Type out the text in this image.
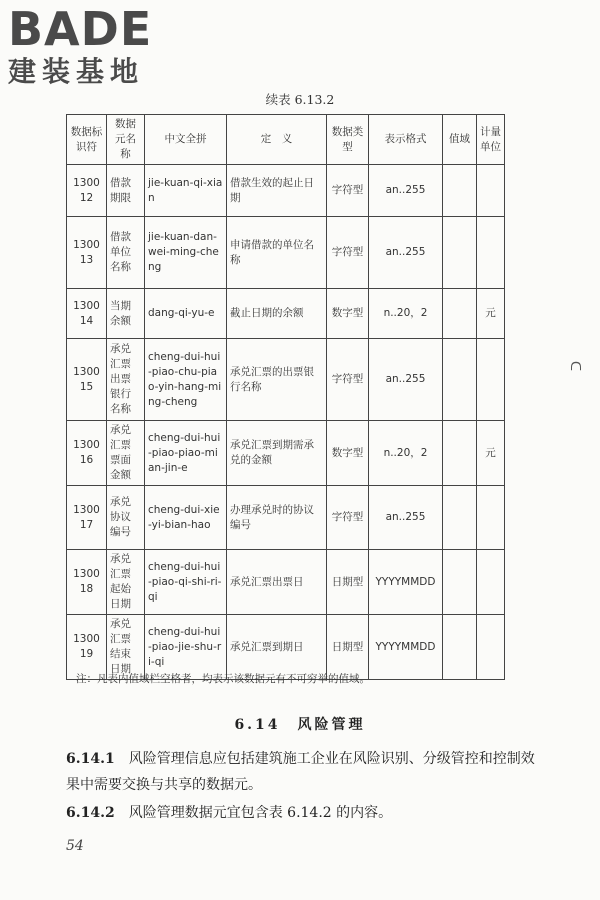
BADE
建装基地
续表 6.13.2
数据标识符	数据元名称	中文全拼	定　义	数据类型	表示格式	值域	计量单位
130012	借款期限	jie-kuan-qi-xian	借款生效的起止日期	字符型	an..255		
130013	借款单位名称	jie-kuan-dan-wei-ming-cheng	申请借款的单位名称	字符型	an..255		
130014	当期余额	dang-qi-yu-e	截止日期的余额	数字型	n..20，2		元
130015	承兑汇票出票银行名称	cheng-dui-hui-piao-chu-piao-yin-hang-ming-cheng	承兑汇票的出票银行名称	字符型	an..255		
130016	承兑汇票票面金额	cheng-dui-hui-piao-piao-mian-jin-e	承兑汇票到期需承兑的金额	数字型	n..20，2		元
130017	承兑协议编号	cheng-dui-xie-yi-bian-hao	办理承兑时的协议编号	字符型	an..255		
130018	承兑汇票起始日期	cheng-dui-hui-piao-qi-shi-ri-qi	承兑汇票出票日	日期型	YYYYMMDD		
130019	承兑汇票结束日期	cheng-dui-hui-piao-jie-shu-ri-qi	承兑汇票到期日	日期型	YYYYMMDD		
注：凡表内值域栏空格者，均表示该数据元有不可穷举的值域。
6.14　风险管理
6.14.1 风险管理信息应包括建筑施工企业在风险识别、分级管控和控制效果中需要交换与共享的数据元。
6.14.2 风险管理数据元宜包含表 6.14.2 的内容。
54
ᑕ
